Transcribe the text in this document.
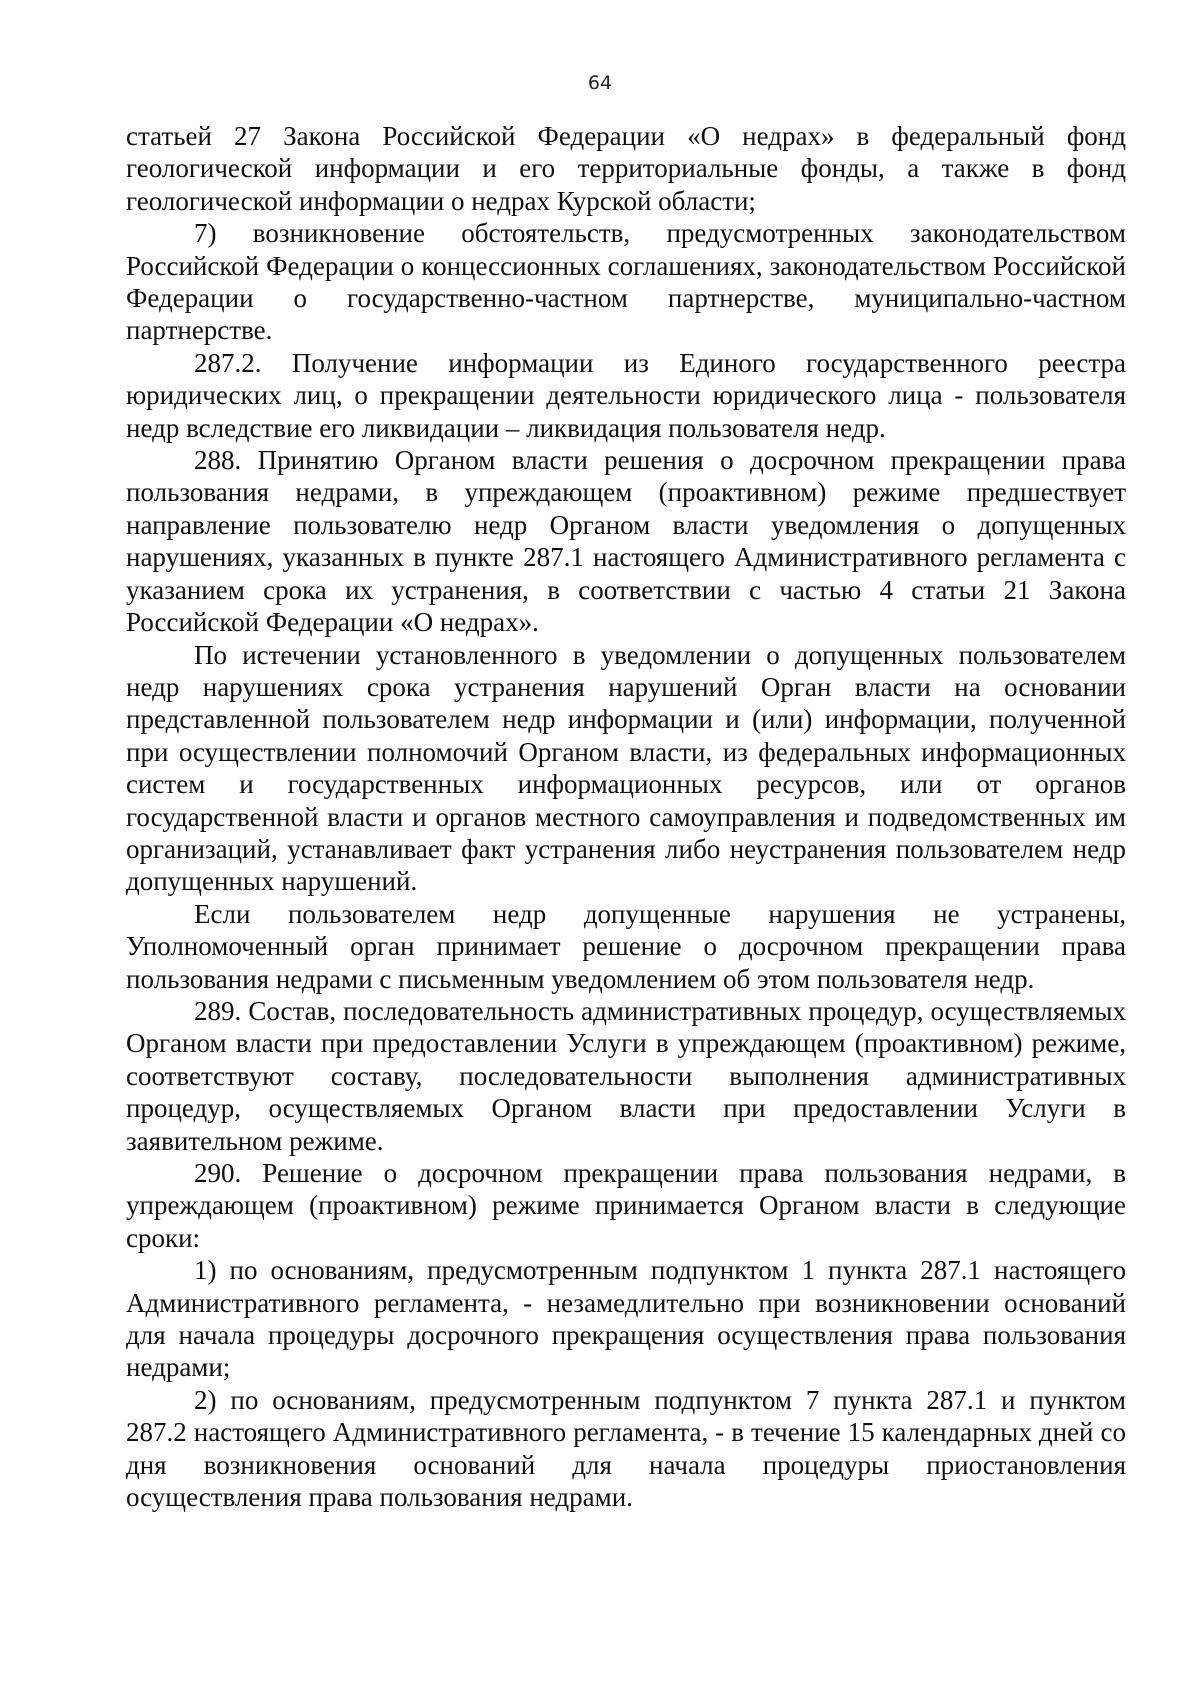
64

статьей 27 Закона Российской Федерации «О недрах» в федеральный фонд геологической информации и его территориальные фонды, а также в фонд геологической информации о недрах Курской области;

7) возникновение обстоятельств, предусмотренных законодательством Российской Федерации о концессионных соглашениях, законодательством Российской Федерации о государственно-частном партнерстве, муниципально-частном партнерстве.

287.2. Получение информации из Единого государственного реестра юридических лиц, о прекращении деятельности юридического лица - пользователя недр вследствие его ликвидации – ликвидация пользователя недр.

288. Принятию Органом власти решения о досрочном прекращении права пользования недрами, в упреждающем (проактивном) режиме предшествует направление пользователю недр Органом власти уведомления о допущенных нарушениях, указанных в пункте 287.1 настоящего Административного регламента с указанием срока их устранения, в соответствии с частью 4 статьи 21 Закона Российской Федерации «О недрах».

По истечении установленного в уведомлении о допущенных пользователем недр нарушениях срока устранения нарушений Орган власти на основании представленной пользователем недр информации и (или) информации, полученной при осуществлении полномочий Органом власти, из федеральных информационных систем и государственных информационных ресурсов, или от органов государственной власти и органов местного самоуправления и подведомственных им организаций, устанавливает факт устранения либо неустранения пользователем недр допущенных нарушений.

Если пользователем недр допущенные нарушения не устранены, Уполномоченный орган принимает решение о досрочном прекращении права пользования недрами с письменным уведомлением об этом пользователя недр.

289. Состав, последовательность административных процедур, осуществляемых Органом власти при предоставлении Услуги в упреждающем (проактивном) режиме, соответствуют составу, последовательности выполнения административных процедур, осуществляемых Органом власти при предоставлении Услуги в заявительном режиме.

290. Решение о досрочном прекращении права пользования недрами, в упреждающем (проактивном) режиме принимается Органом власти в следующие сроки:

1) по основаниям, предусмотренным подпунктом 1 пункта 287.1 настоящего Административного регламента, - незамедлительно при возникновении оснований для начала процедуры досрочного прекращения осуществления права пользования недрами;

2) по основаниям, предусмотренным подпунктом 7 пункта 287.1 и пунктом 287.2 настоящего Административного регламента, - в течение 15 календарных дней со дня возникновения оснований для начала процедуры приостановления осуществления права пользования недрами.
